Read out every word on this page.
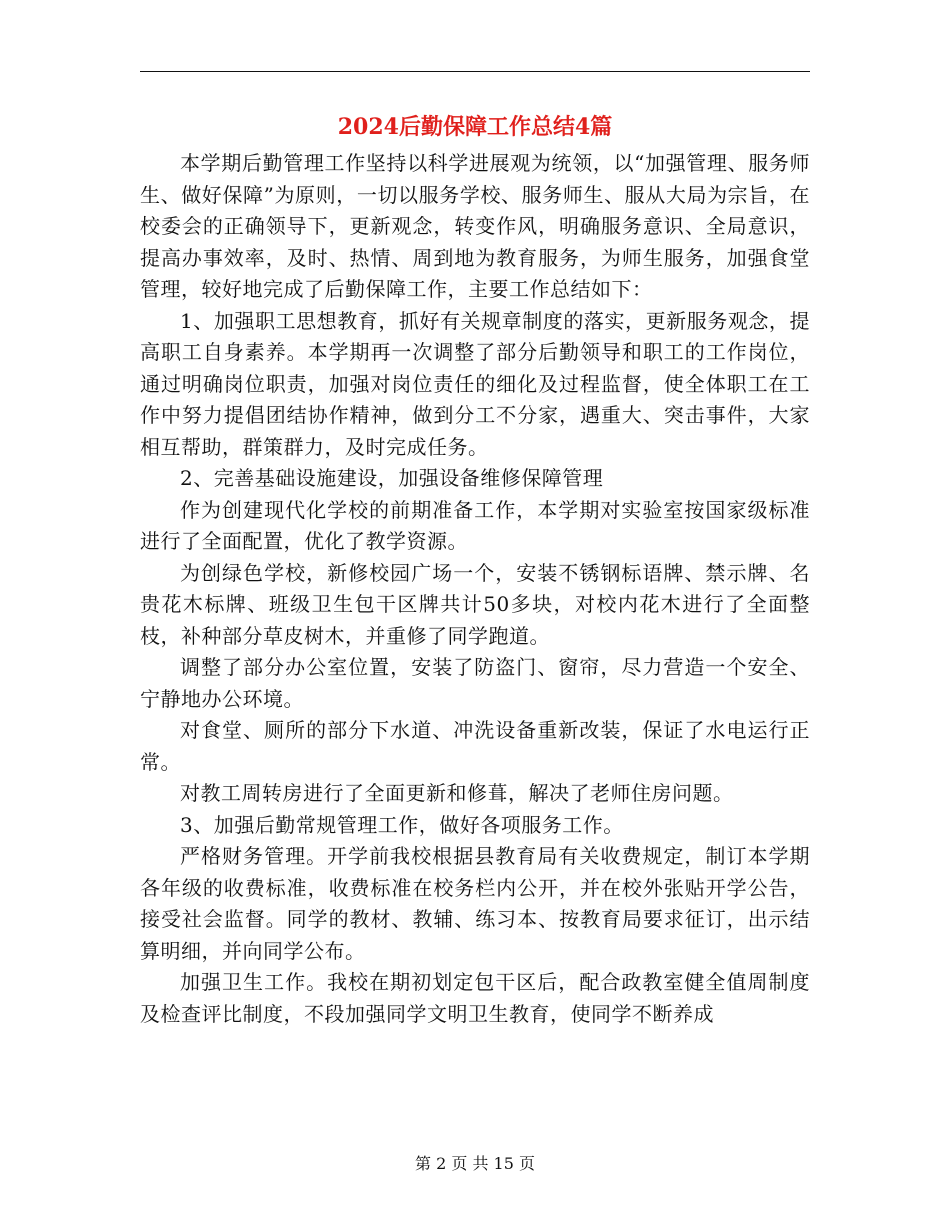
2024后勤保障工作总结4篇

本学期后勤管理工作坚持以科学进展观为统领，以“加强管理、服务师生、做好保障”为原则，一切以服务学校、服务师生、服从大局为宗旨，在校委会的正确领导下，更新观念，转变作风，明确服务意识、全局意识，提高办事效率，及时、热情、周到地为教育服务，为师生服务，加强食堂管理，较好地完成了后勤保障工作，主要工作总结如下：

1、加强职工思想教育，抓好有关规章制度的落实，更新服务观念，提高职工自身素养。本学期再一次调整了部分后勤领导和职工的工作岗位，通过明确岗位职责，加强对岗位责任的细化及过程监督，使全体职工在工作中努力提倡团结协作精神，做到分工不分家，遇重大、突击事件，大家相互帮助，群策群力，及时完成任务。

2、完善基础设施建设，加强设备维修保障管理

作为创建现代化学校的前期准备工作，本学期对实验室按国家级标准进行了全面配置，优化了教学资源。

为创绿色学校，新修校园广场一个，安装不锈钢标语牌、禁示牌、名贵花木标牌、班级卫生包干区牌共计50多块，对校内花木进行了全面整枝，补种部分草皮树木，并重修了同学跑道。

调整了部分办公室位置，安装了防盗门、窗帘，尽力营造一个安全、宁静地办公环境。

对食堂、厕所的部分下水道、冲洗设备重新改装，保证了水电运行正常。

对教工周转房进行了全面更新和修葺，解决了老师住房问题。

3、加强后勤常规管理工作，做好各项服务工作。

严格财务管理。开学前我校根据县教育局有关收费规定，制订本学期各年级的收费标准，收费标准在校务栏内公开，并在校外张贴开学公告，接受社会监督。同学的教材、教辅、练习本、按教育局要求征订，出示结算明细，并向同学公布。

加强卫生工作。我校在期初划定包干区后，配合政教室健全值周制度及检查评比制度，不段加强同学文明卫生教育，使同学不断养成

第 2 页 共 15 页
